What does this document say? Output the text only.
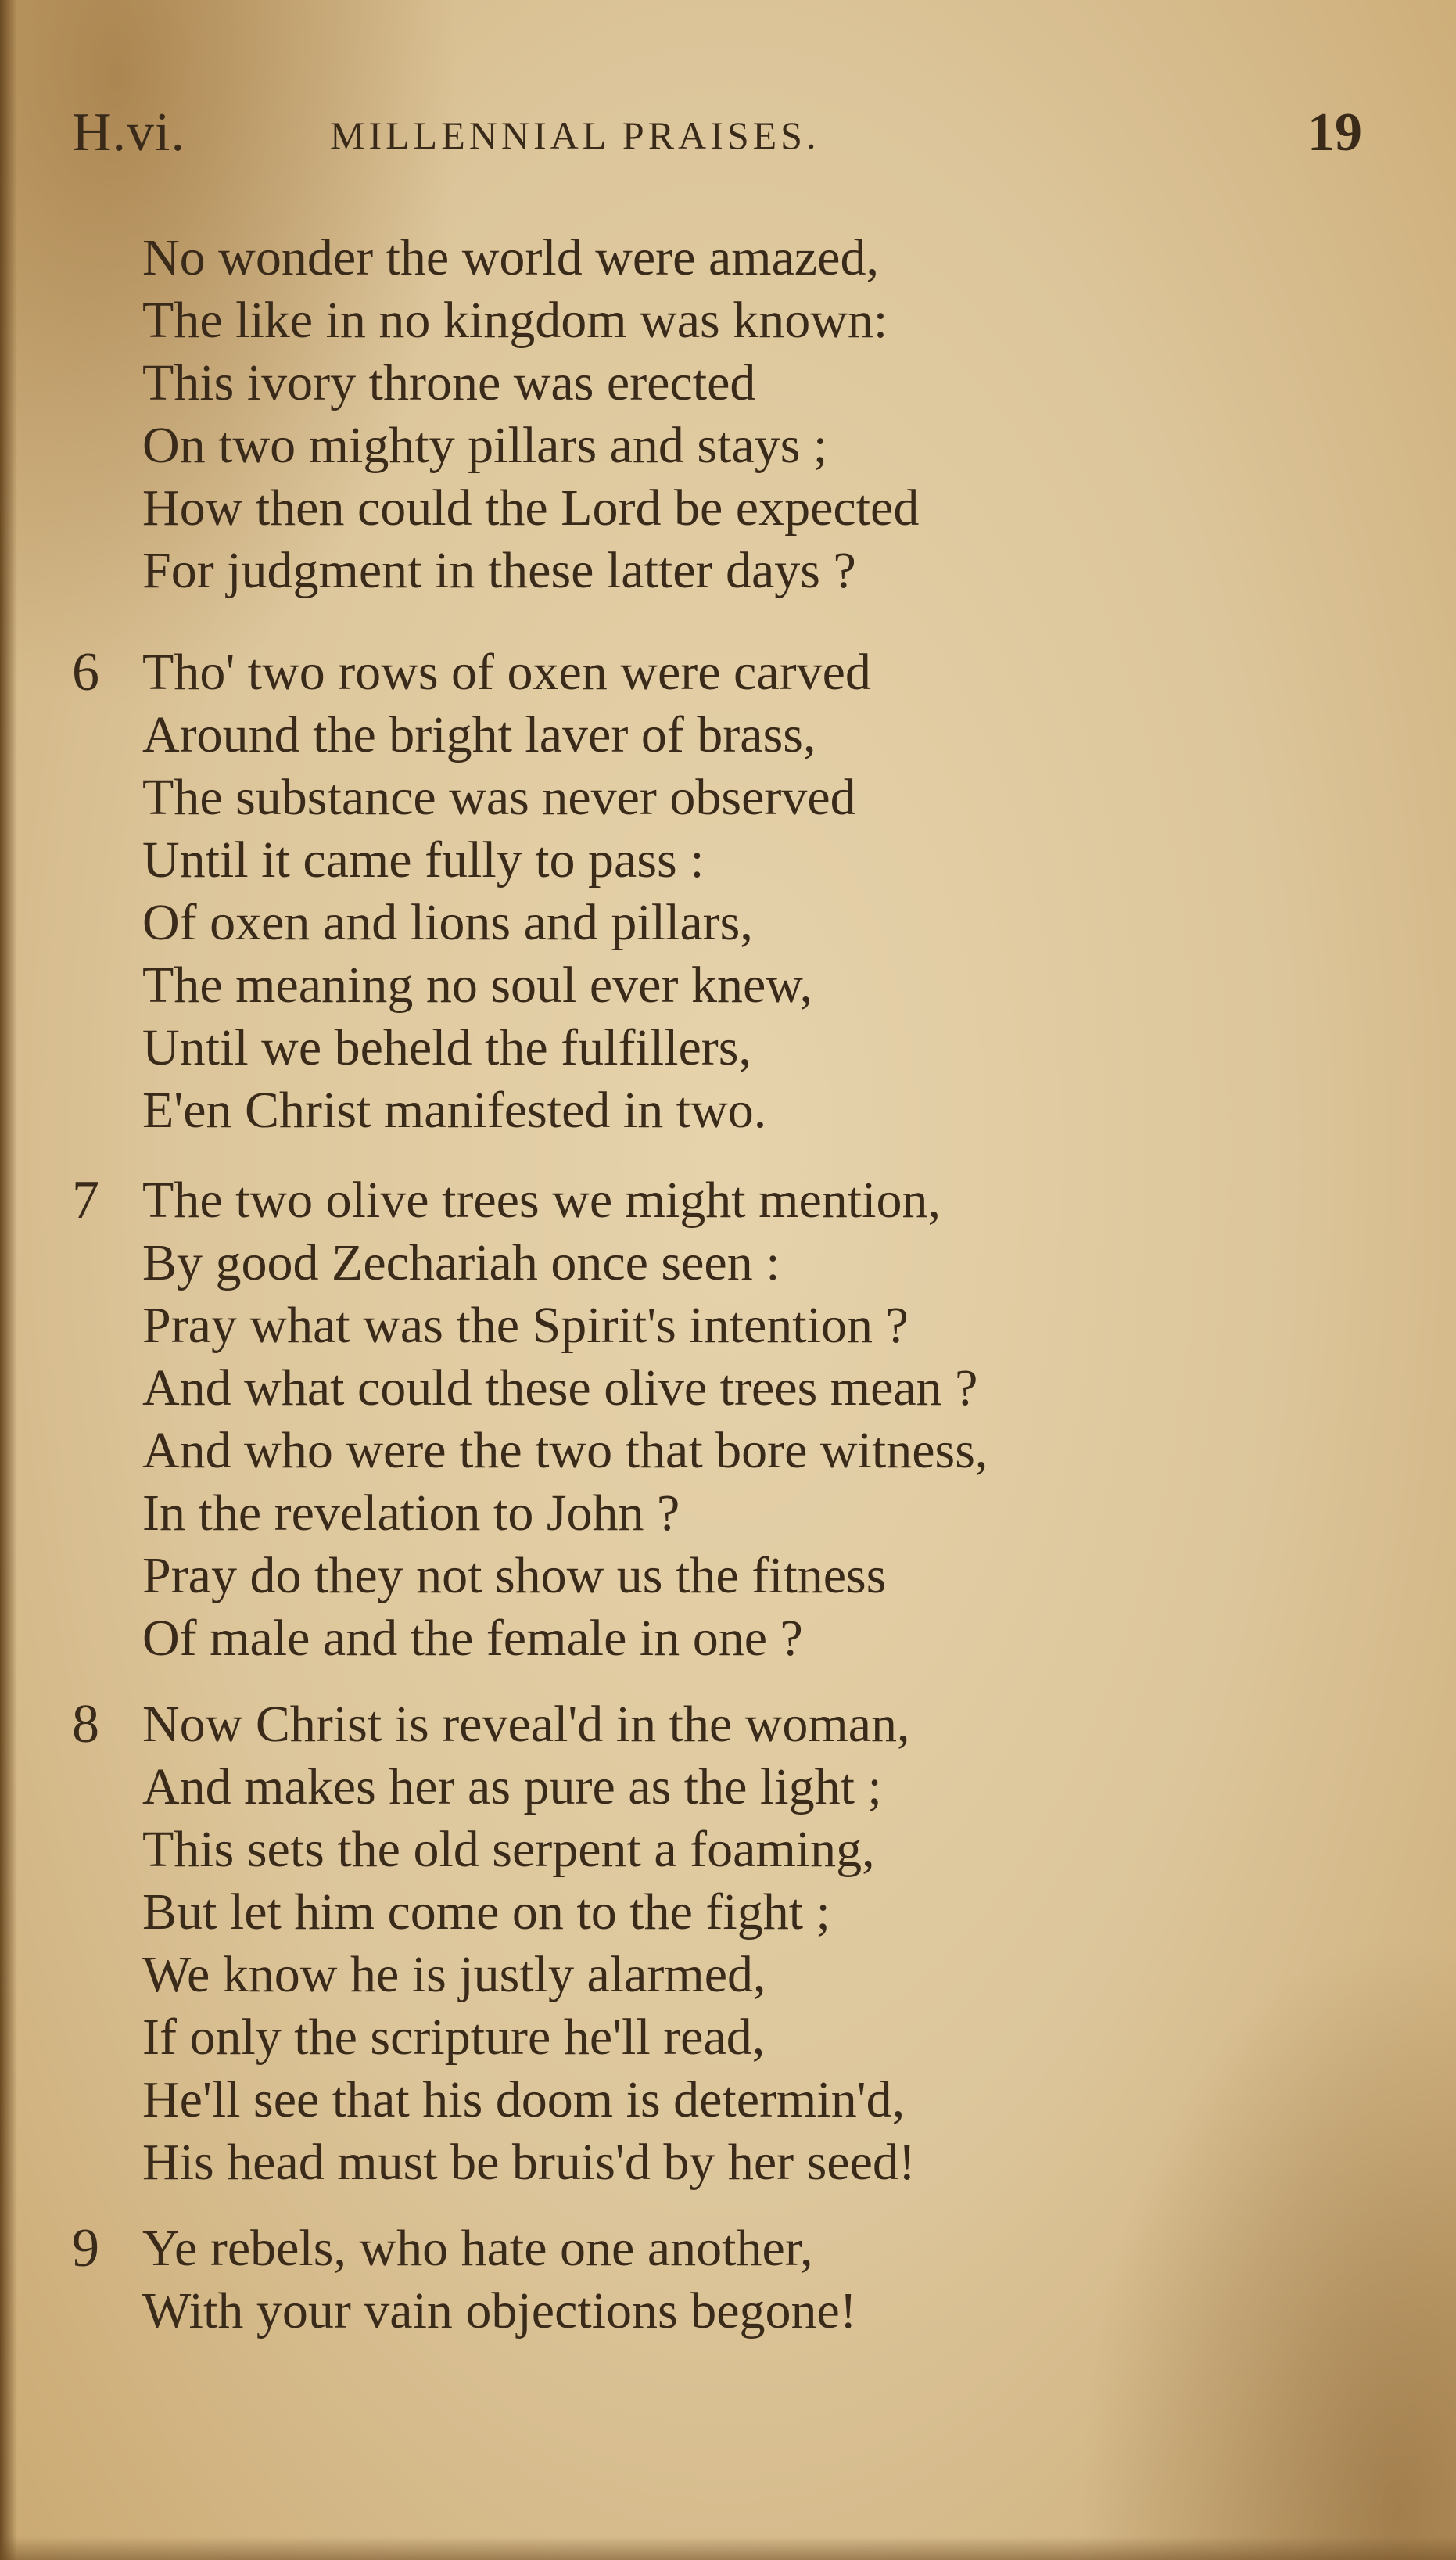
H.vi.	MILLENNIAL PRAISES.	19
No wonder the world were amazed,
The like in no kingdom was known:
This ivory throne was erected
On two mighty pillars and stays ;
How then could the Lord be expected
For judgment in these latter days ?
6 Tho' two rows of oxen were carved
Around the bright laver of brass,
The substance was never observed
Until it came fully to pass :
Of oxen and lions and pillars,
The meaning no soul ever knew,
Until we beheld the fulfillers,
E'en Christ manifested in two.
7 The two olive trees we might mention,
By good Zechariah once seen :
Pray what was the Spirit's intention ?
And what could these olive trees mean ?
And who were the two that bore witness,
In the revelation to John ?
Pray do they not show us the fitness
Of male and the female in one ?
8 Now Christ is reveal'd in the woman,
And makes her as pure as the light ;
This sets the old serpent a foaming,
But let him come on to the fight ;
We know he is justly alarmed,
If only the scripture he'll read,
He'll see that his doom is determin'd,
His head must be bruis'd by her seed!
9 Ye rebels, who hate one another,
With your vain objections begone!
